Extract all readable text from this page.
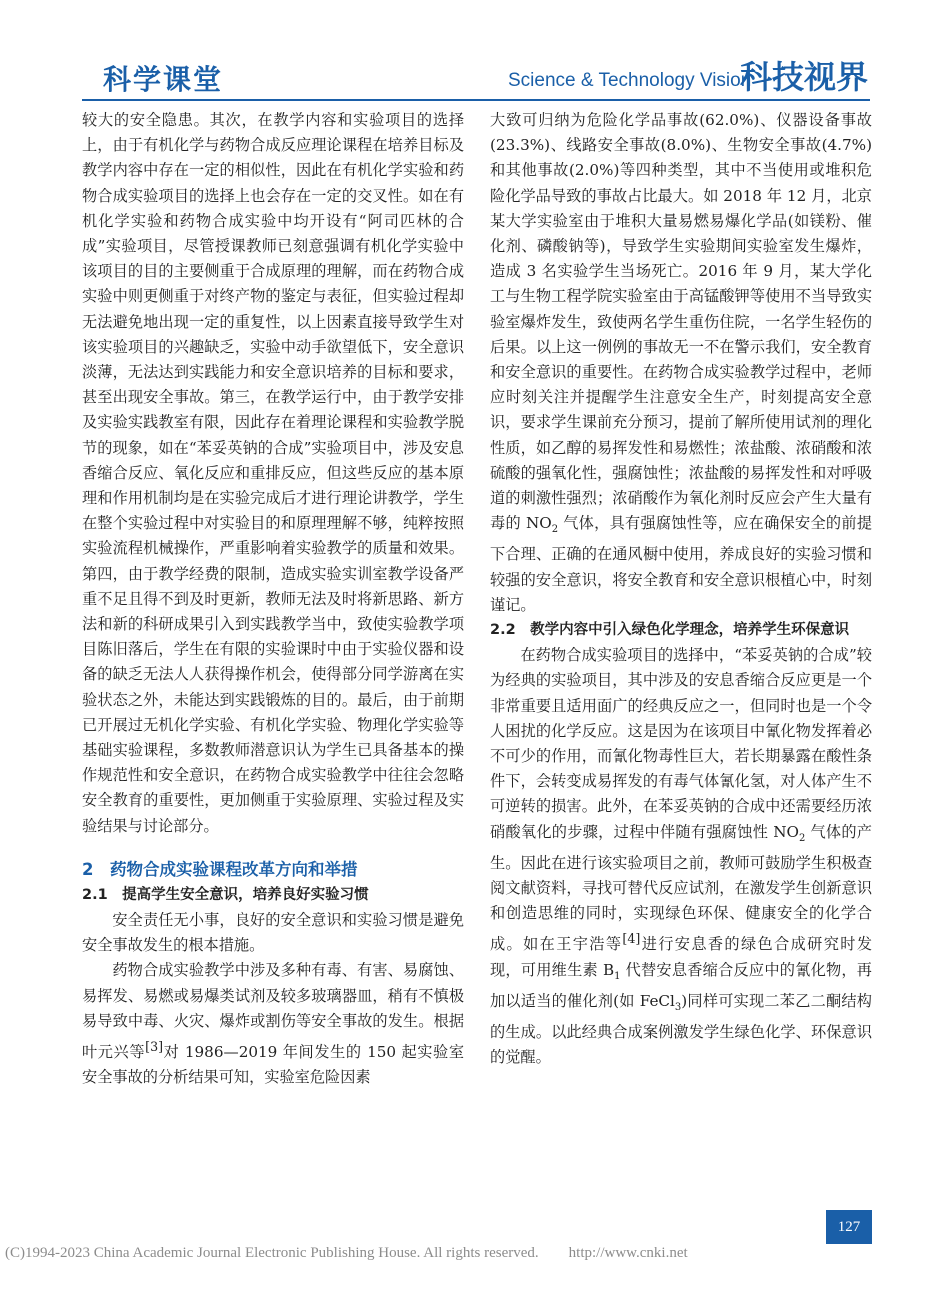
科学课堂	Science & Technology Vision
科技视界

较大的安全隐患。其次，在教学内容和实验项目的选择上，由于有机化学与药物合成反应理论课程在培养目标及教学内容中存在一定的相似性，因此在有机化学实验和药物合成实验项目的选择上也会存在一定的交叉性。如在有机化学实验和药物合成实验中均开设有“阿司匹林的合成”实验项目，尽管授课教师已刻意强调有机化学实验中该项目的目的主要侧重于合成原理的理解，而在药物合成实验中则更侧重于对终产物的鉴定与表征，但实验过程却无法避免地出现一定的重复性，以上因素直接导致学生对该实验项目的兴趣缺乏，实验中动手欲望低下，安全意识淡薄，无法达到实践能力和安全意识培养的目标和要求，甚至出现安全事故。第三，在教学运行中，由于教学安排及实验实践教室有限，因此存在着理论课程和实验教学脱节的现象，如在“苯妥英钠的合成”实验项目中，涉及安息香缩合反应、氧化反应和重排反应，但这些反应的基本原理和作用机制均是在实验完成后才进行理论讲教学，学生在整个实验过程中对实验目的和原理理解不够，纯粹按照实验流程机械操作，严重影响着实验教学的质量和效果。第四，由于教学经费的限制，造成实验实训室教学设备严重不足且得不到及时更新，教师无法及时将新思路、新方法和新的科研成果引入到实践教学当中，致使实验教学项目陈旧落后，学生在有限的实验课时中由于实验仪器和设备的缺乏无法人人获得操作机会，使得部分同学游离在实验状态之外，未能达到实践锻炼的目的。最后，由于前期已开展过无机化学实验、有机化学实验、物理化学实验等基础实验课程，多数教师潜意识认为学生已具备基本的操作规范性和安全意识，在药物合成实验教学中往往会忽略安全教育的重要性，更加侧重于实验原理、实验过程及实验结果与讨论部分。

2　药物合成实验课程改革方向和举措

2.1　提高学生安全意识，培养良好实验习惯

安全责任无小事，良好的安全意识和实验习惯是避免安全事故发生的根本措施。

药物合成实验教学中涉及多种有毒、有害、易腐蚀、易挥发、易燃或易爆类试剂及较多玻璃器皿，稍有不慎极易导致中毒、火灾、爆炸或割伤等安全事故的发生。根据叶元兴等[3]对 1986—2019 年间发生的 150 起实验室安全事故的分析结果可知，实验室危险因素

大致可归纳为危险化学品事故(62.0%)、仪器设备事故(23.3%)、线路安全事故(8.0%)、生物安全事故(4.7%)和其他事故(2.0%)等四种类型，其中不当使用或堆积危险化学品导致的事故占比最大。如 2018 年 12 月，北京某大学实验室由于堆积大量易燃易爆化学品(如镁粉、催化剂、磷酸钠等)，导致学生实验期间实验室发生爆炸，造成 3 名实验学生当场死亡。2016 年 9 月，某大学化工与生物工程学院实验室由于高锰酸钾等使用不当导致实验室爆炸发生，致使两名学生重伤住院，一名学生轻伤的后果。以上这一例例的事故无一不在警示我们，安全教育和安全意识的重要性。在药物合成实验教学过程中，老师应时刻关注并提醒学生注意安全生产，时刻提高安全意识，要求学生课前充分预习，提前了解所使用试剂的理化性质，如乙醇的易挥发性和易燃性；浓盐酸、浓硝酸和浓硫酸的强氧化性，强腐蚀性；浓盐酸的易挥发性和对呼吸道的刺激性强烈；浓硝酸作为氧化剂时反应会产生大量有毒的 $NO_2$ 气体，具有强腐蚀性等，应在确保安全的前提下合理、正确的在通风橱中使用，养成良好的实验习惯和较强的安全意识，将安全教育和安全意识根植心中，时刻谨记。

2.2　教学内容中引入绿色化学理念，培养学生环保意识

在药物合成实验项目的选择中，“苯妥英钠的合成”较为经典的实验项目，其中涉及的安息香缩合反应更是一个非常重要且适用面广的经典反应之一，但同时也是一个令人困扰的化学反应。这是因为在该项目中氰化物发挥着必不可少的作用，而氰化物毒性巨大，若长期暴露在酸性条件下，会转变成易挥发的有毒气体氰化氢，对人体产生不可逆转的损害。此外，在苯妥英钠的合成中还需要经历浓硝酸氧化的步骤，过程中伴随有强腐蚀性 $NO_2$ 气体的产生。因此在进行该实验项目之前，教师可鼓励学生积极查阅文献资料，寻找可替代反应试剂，在激发学生创新意识和创造思维的同时，实现绿色环保、健康安全的化学合成。如在王宇浩等[4]进行安息香的绿色合成研究时发现，可用维生素 $B_1$ 代替安息香缩合反应中的氰化物，再加以适当的催化剂(如 FeCl$_3$)同样可实现二苯乙二酮结构的生成。以此经典合成案例激发学生绿色化学、环保意识的觉醒。

127
(C)1994-2023 China Academic Journal Electronic Publishing House. All rights reserved.　　http://www.cnki.net
